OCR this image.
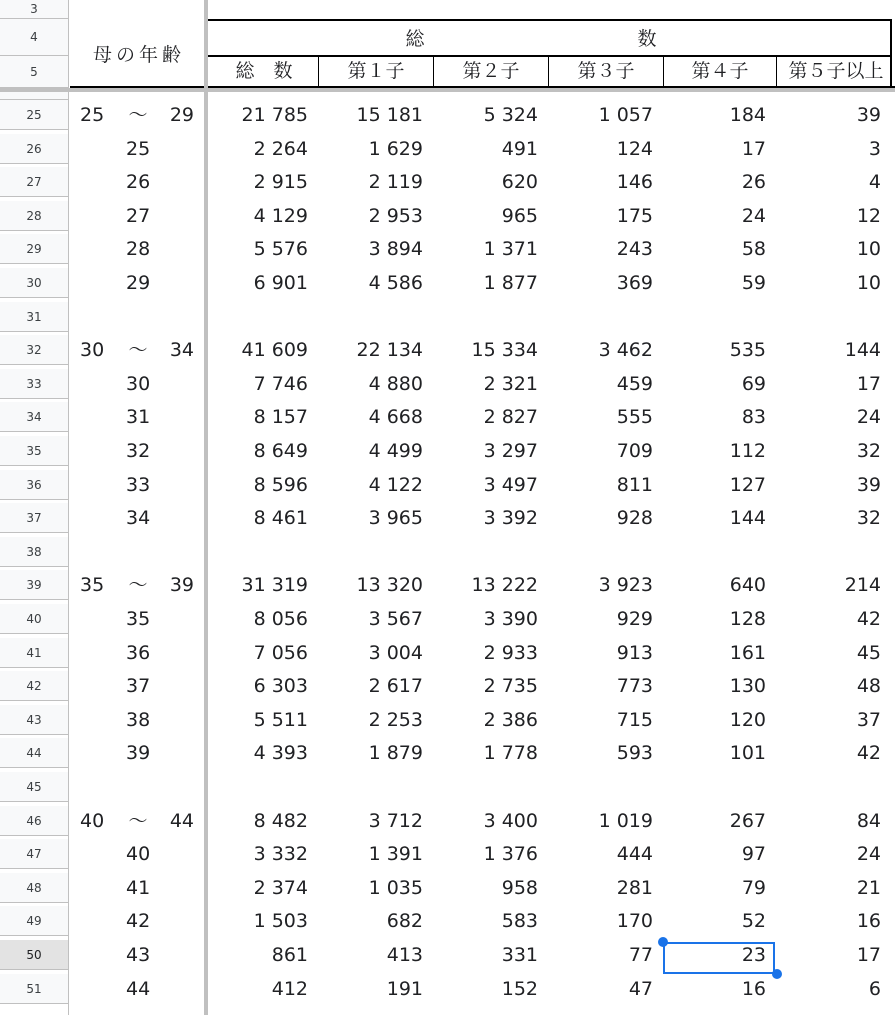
3
4
5
母の年齢
総	数
総　数	第１子	第２子	第３子	第４子	第５子以上
25	25	～	29	21 785	15 181	5 324	1 057	184	39
26	25	2 264	1 629	491	124	17	3
27	26	2 915	2 119	620	146	26	4
28	27	4 129	2 953	965	175	24	12
29	28	5 576	3 894	1 371	243	58	10
30	29	6 901	4 586	1 877	369	59	10
31
32	30	～	34	41 609	22 134	15 334	3 462	535	144
33	30	7 746	4 880	2 321	459	69	17
34	31	8 157	4 668	2 827	555	83	24
35	32	8 649	4 499	3 297	709	112	32
36	33	8 596	4 122	3 497	811	127	39
37	34	8 461	3 965	3 392	928	144	32
38
39	35	～	39	31 319	13 320	13 222	3 923	640	214
40	35	8 056	3 567	3 390	929	128	42
41	36	7 056	3 004	2 933	913	161	45
42	37	6 303	2 617	2 735	773	130	48
43	38	5 511	2 253	2 386	715	120	37
44	39	4 393	1 879	1 778	593	101	42
45
46	40	～	44	8 482	3 712	3 400	1 019	267	84
47	40	3 332	1 391	1 376	444	97	24
48	41	2 374	1 035	958	281	79	21
49	42	1 503	682	583	170	52	16
50	43	861	413	331	77	23	17
51	44	412	191	152	47	16	6
